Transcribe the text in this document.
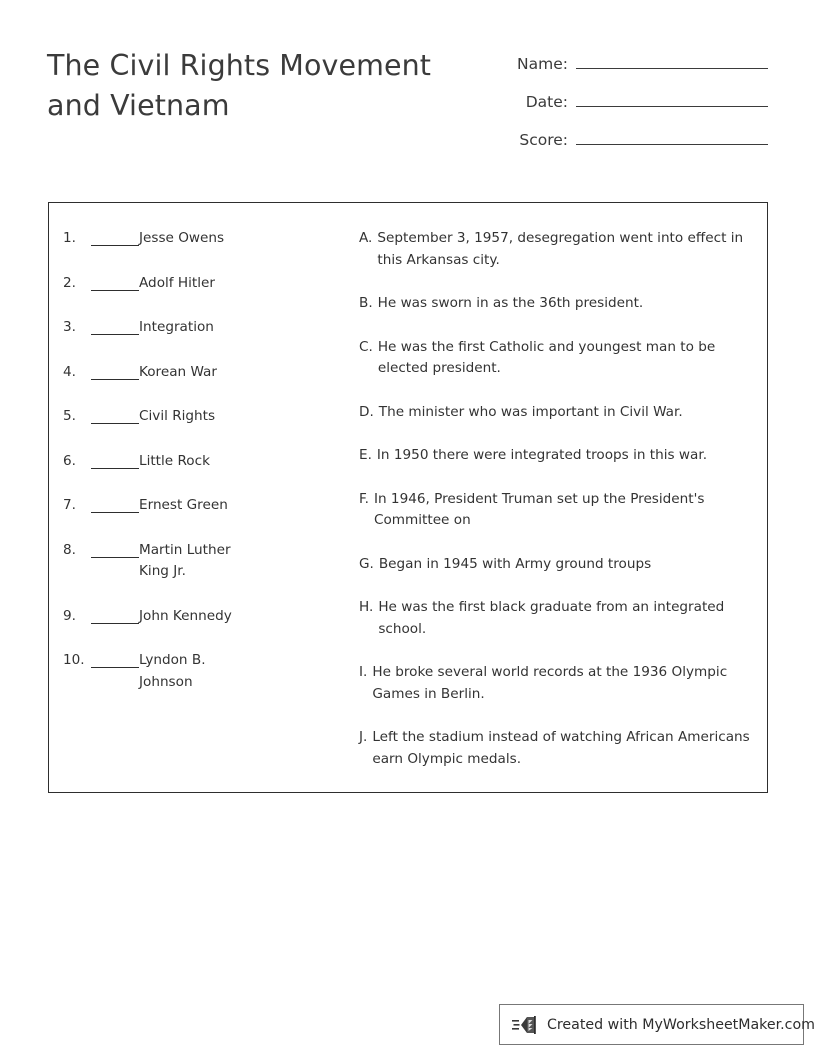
The Civil Rights Movement
and Vietnam
Name:
Date:
Score:
1.	Jesse Owens
2.	Adolf Hitler
3.	Integration
4.	Korean War
5.	Civil Rights
6.	Little Rock
7.	Ernest Green
8.	Martin Luther King Jr.
9.	John Kennedy
10.	Lyndon B. Johnson
A. September 3, 1957, desegregation went into effect in this Arkansas city.
B. He was sworn in as the 36th president.
C. He was the first Catholic and youngest man to be elected president.
D. The minister who was important in Civil War.
E. In 1950 there were integrated troops in this war.
F. In 1946, President Truman set up the President's Committee on
G. Began in 1945 with Army ground troups
H. He was the first black graduate from an integrated school.
I. He broke several world records at the 1936 Olympic Games in Berlin.
J. Left the stadium instead of watching African Americans earn Olympic medals.
Created with MyWorksheetMaker.com
